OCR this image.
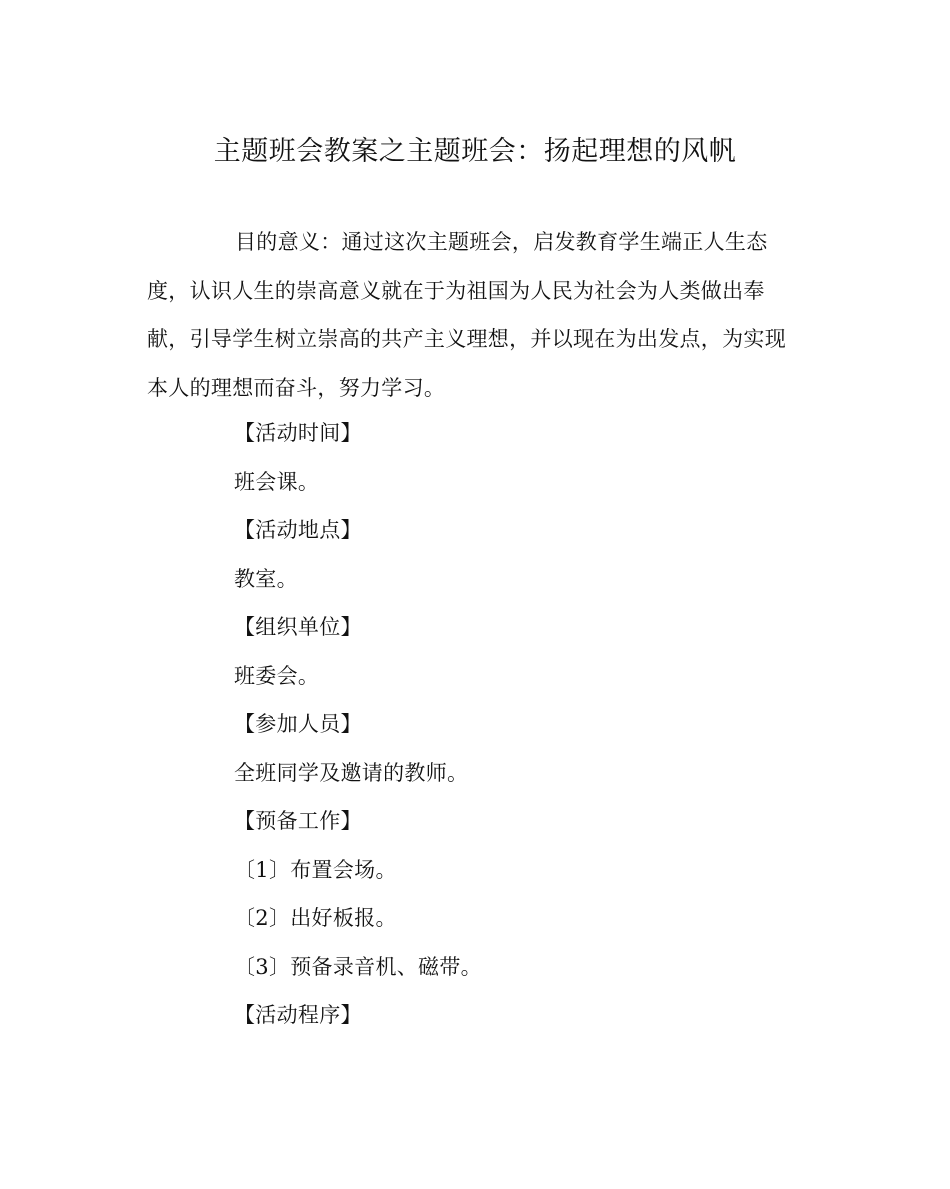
主题班会教案之主题班会：扬起理想的风帆

目的意义：通过这次主题班会，启发教育学生端正人生态度，认识人生的崇高意义就在于为祖国为人民为社会为人类做出奉献，引导学生树立崇高的共产主义理想，并以现在为出发点，为实现本人的理想而奋斗，努力学习。

【活动时间】
班会课。
【活动地点】
教室。
【组织单位】
班委会。
【参加人员】
全班同学及邀请的教师。
【预备工作】
〔1〕布置会场。
〔2〕出好板报。
〔3〕预备录音机、磁带。
【活动程序】
